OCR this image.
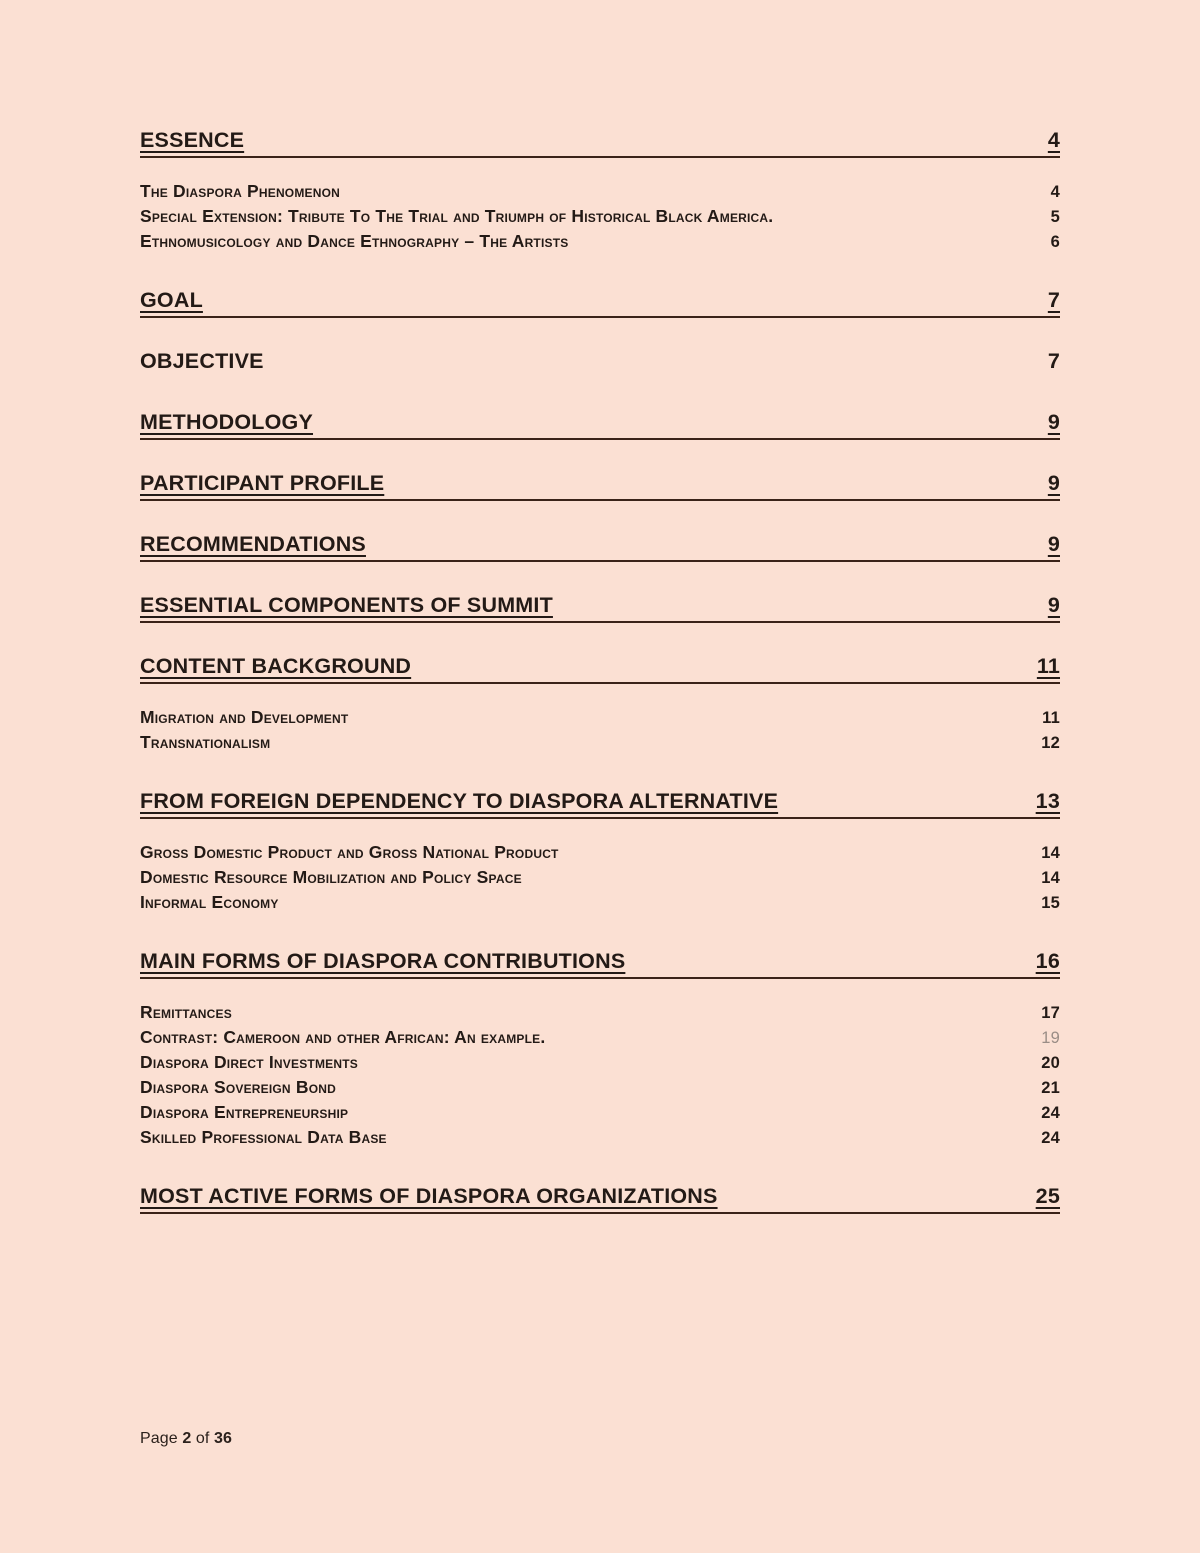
ESSENCE	4
The Diaspora Phenomenon	4
Special Extension: Tribute To The Trial and Triumph of Historical Black America.	5
Ethnomusicology and Dance Ethnography – The Artists	6
GOAL	7
OBJECTIVE	7
METHODOLOGY	9
PARTICIPANT PROFILE	9
RECOMMENDATIONS	9
ESSENTIAL COMPONENTS OF SUMMIT	9
CONTENT BACKGROUND	11
Migration and Development	11
Transnationalism	12
FROM FOREIGN DEPENDENCY TO DIASPORA ALTERNATIVE	13
Gross Domestic Product and Gross National Product	14
Domestic Resource Mobilization and Policy Space	14
Informal Economy	15
MAIN FORMS OF DIASPORA CONTRIBUTIONS	16
Remittances	17
Contrast: Cameroon and other African: An example.	19
Diaspora Direct Investments	20
Diaspora Sovereign Bond	21
Diaspora Entrepreneurship	24
Skilled Professional Data Base	24
MOST ACTIVE FORMS OF DIASPORA ORGANIZATIONS	25
Page 2 of 36
